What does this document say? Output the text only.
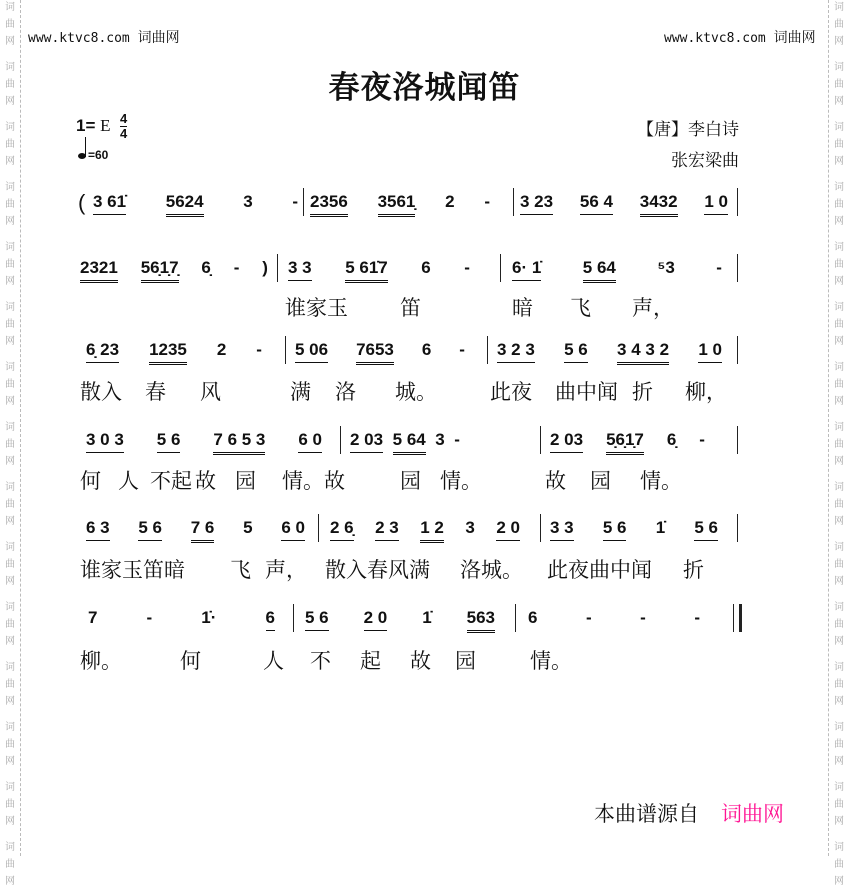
词
曲
网
词
曲
网
词
曲
网
词
曲
网
词
曲
网
词
曲
网
词
曲
网
词
曲
网
词
曲
网
词
曲
网
词
曲
网
词
曲
网
词
曲
网
词
曲
网
词
曲
网
词
曲
网
词
曲
网
词
曲
网
词
曲
网
词
曲
网
词
曲
网
词
曲
网
词
曲
网
词
曲
网
词
曲
网
词
曲
网
词
曲
网
词
曲
网
词
曲
网
词
曲
网
www.ktvc8.com 词曲网	www.ktvc8.com 词曲网
春夜洛城闻笛
1= E $\frac{4}{4}$
=60
【唐】李白诗
张宏梁曲
( 3 61̇ 5624 3 - 2356 3561̣ 2 - 3 23 56 4 3432 1 0
2321 56̣1̣7̣ 6̣ - ) 3 3 5 61̇7 6 - 6· 1̇ 5 64 ⁵3 -
谁家玉 笛	暗 飞 声，
6̣ 23 1235 2 - 5 06 7653 6 - 3 2 3 5 6 3 4 3 2 1 0
散入 春 风	满 洛 城。	此夜 曲中闻 折 柳，
3 0 3 5 6 7 6 5 3 6 0 2 03 5 64 3 -	2 03 5̣6̣1̣7 6̣ -
何 人 不起 故 园 情。故	园 情。	故 园 情。
6 3 5 6 7 6 5 6 0 2 6̣ 2 3 1 2 3 2 0 3 3 5 6 1̇ 5 6
谁家玉笛暗 飞 声， 散入春风满 洛城。 此夜曲中闻 折
7	-	1̇·	6 5 6 2 0 1̇ 563 6	-	-	-
柳。	何	人 不 起 故 园	情。
本曲谱源自 词曲网
